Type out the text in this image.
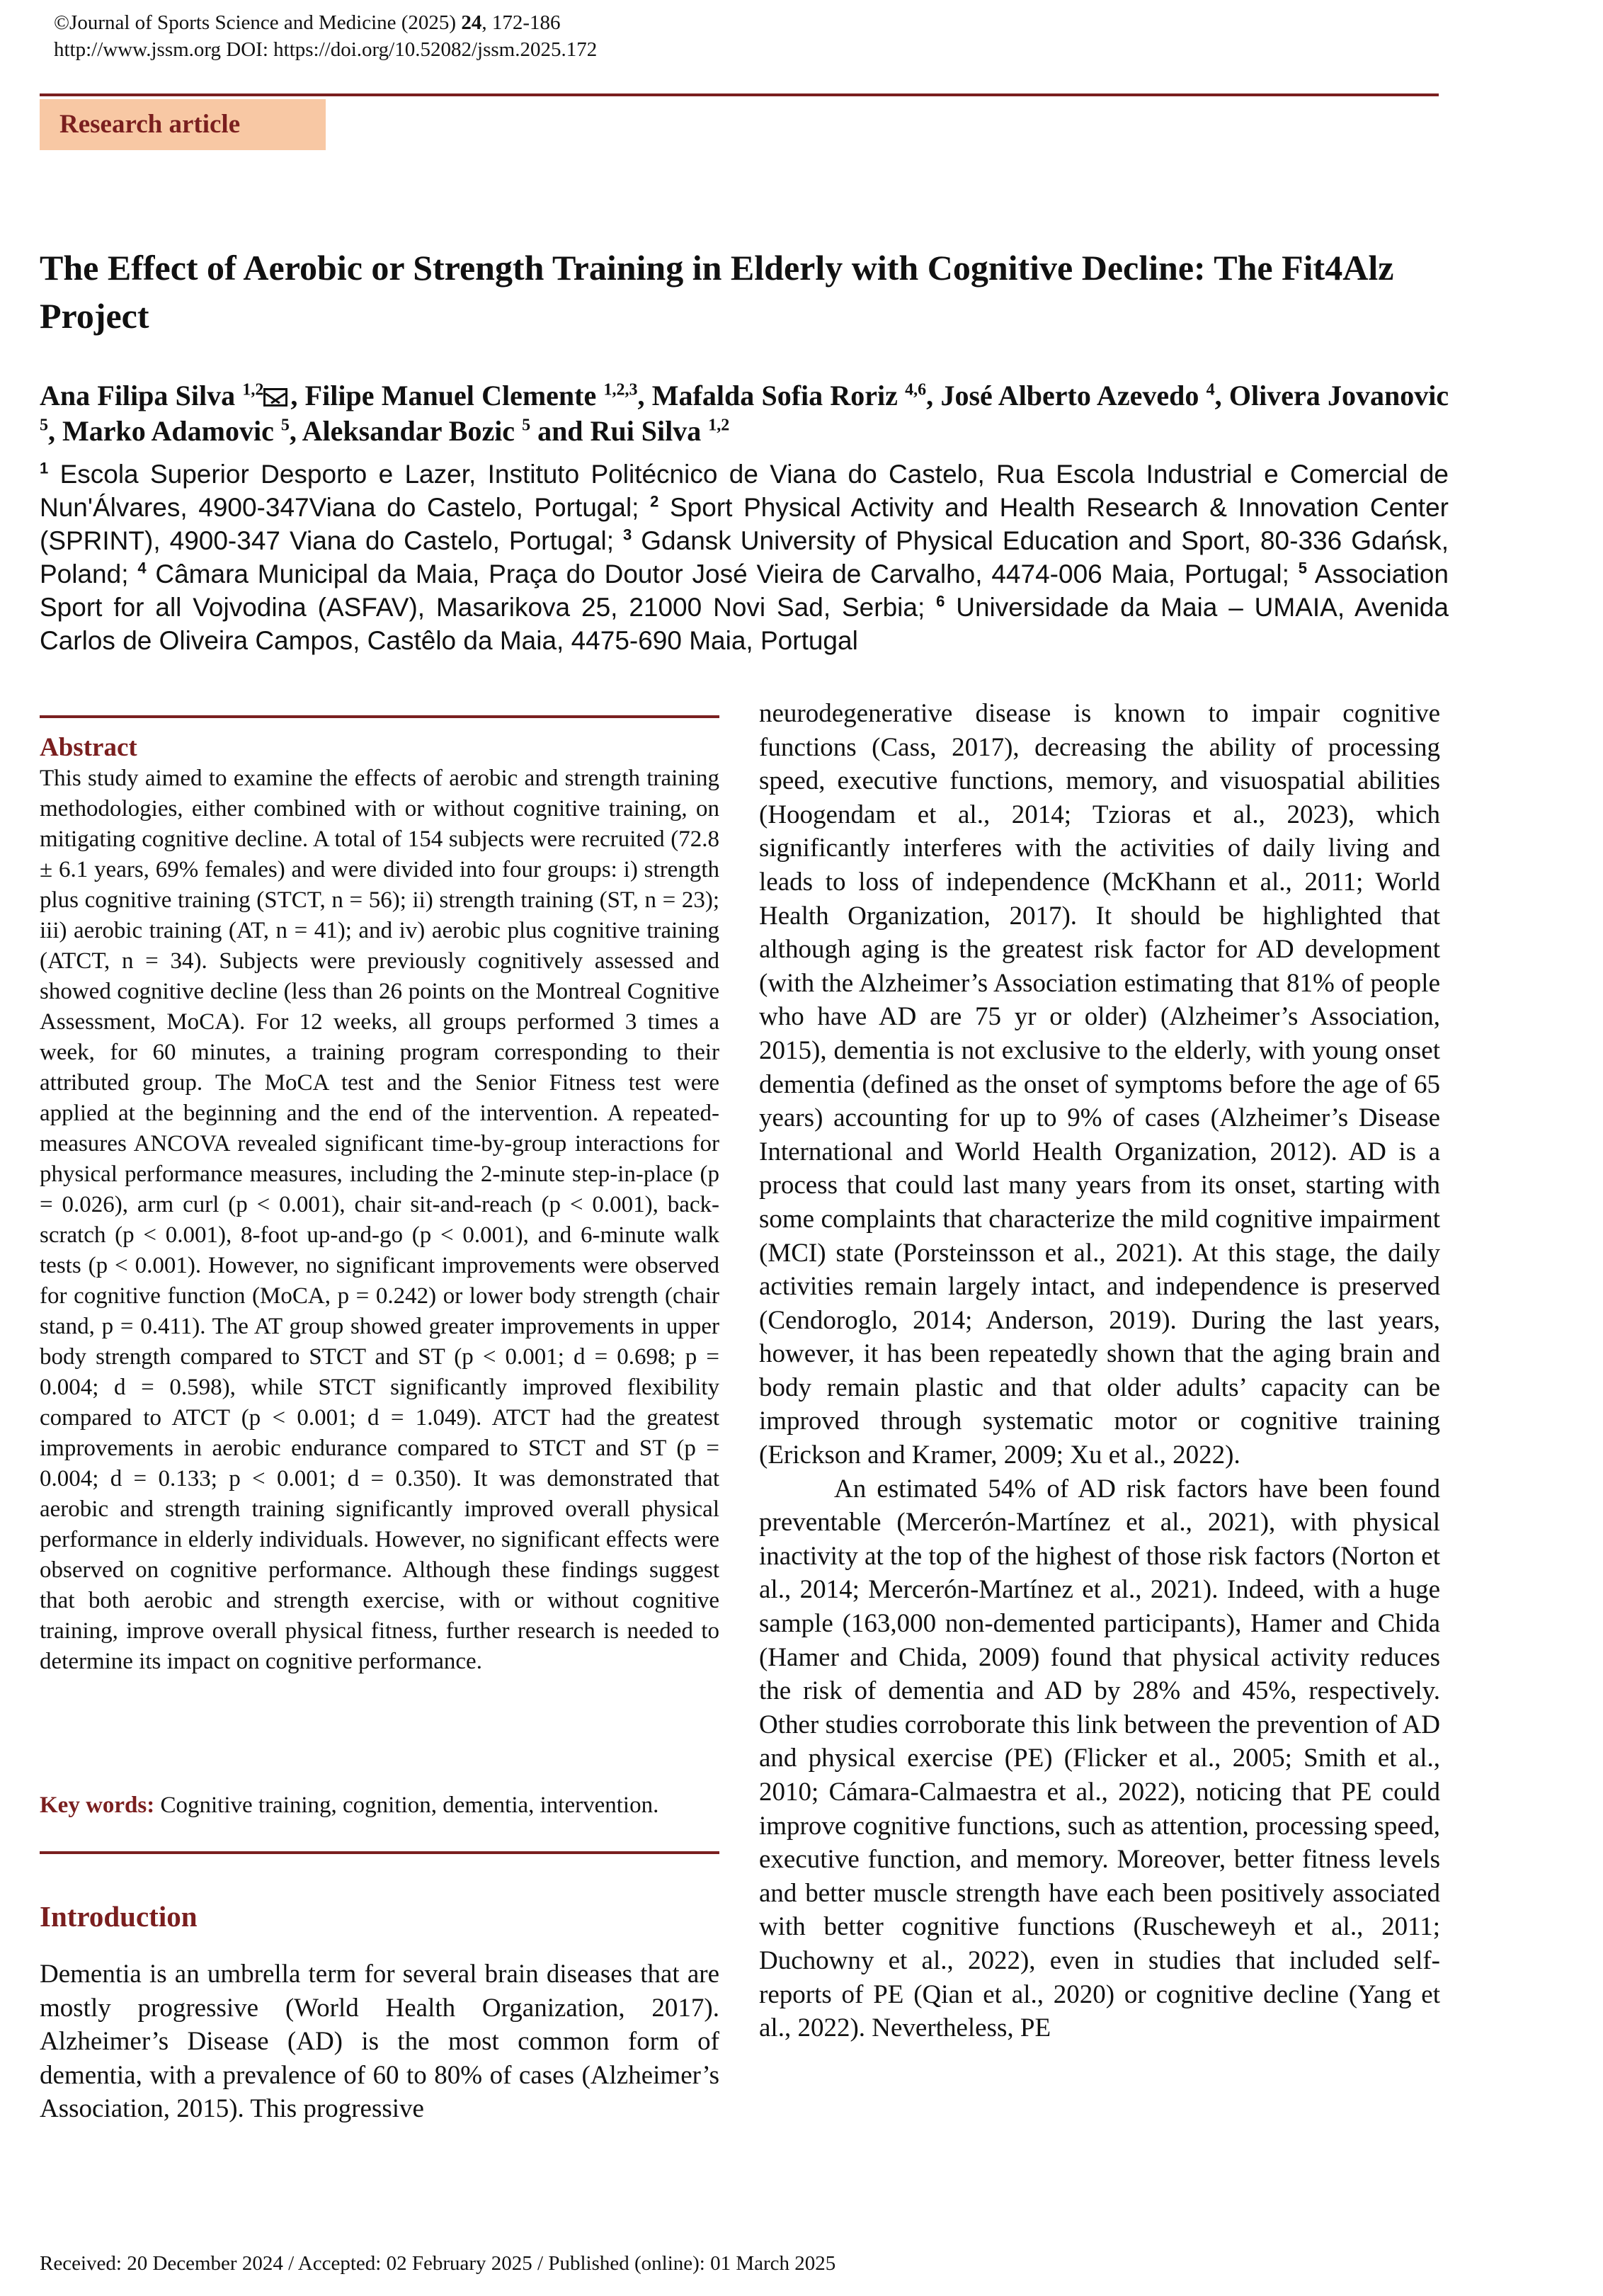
©Journal of Sports Science and Medicine (2025) 24, 172-186
http://www.jssm.org DOI: https://doi.org/10.52082/jssm.2025.172
Research article
The Effect of Aerobic or Strength Training in Elderly with Cognitive Decline: The Fit4Alz Project
Ana Filipa Silva $^{1,2}$ , Filipe Manuel Clemente $^{1,2,3}$, Mafalda Sofia Roriz $^{4,6}$, José Alberto Azevedo $^4$, Olivera Jovanovic $^5$, Marko Adamovic $^5$, Aleksandar Bozic $^5$ and Rui Silva $^{1,2}$
$^1$ Escola Superior Desporto e Lazer, Instituto Politécnico de Viana do Castelo, Rua Escola Industrial e Comercial de Nun'Álvares, 4900-347Viana do Castelo, Portugal; $^2$ Sport Physical Activity and Health Research & Innovation Center (SPRINT), 4900-347 Viana do Castelo, Portugal; $^3$ Gdansk University of Physical Education and Sport, 80-336 Gdańsk, Poland; $^4$ Câmara Municipal da Maia, Praça do Doutor José Vieira de Carvalho, 4474-006 Maia, Portugal; $^5$ Association Sport for all Vojvodina (ASFAV), Masarikova 25, 21000 Novi Sad, Serbia; $^6$ Universidade da Maia – UMAIA, Avenida Carlos de Oliveira Campos, Castêlo da Maia, 4475-690 Maia, Portugal
Abstract
This study aimed to examine the effects of aerobic and strength training methodologies, either combined with or without cognitive training, on mitigating cognitive decline. A total of 154 subjects were recruited (72.8 ± 6.1 years, 69% females) and were divided into four groups: i) strength plus cognitive training (STCT, n = 56); ii) strength training (ST, n = 23); iii) aerobic training (AT, n = 41); and iv) aerobic plus cognitive training (ATCT, n = 34). Subjects were previously cognitively assessed and showed cognitive decline (less than 26 points on the Montreal Cognitive Assessment, MoCA). For 12 weeks, all groups performed 3 times a week, for 60 minutes, a training program corresponding to their attributed group. The MoCA test and the Senior Fitness test were applied at the beginning and the end of the intervention. A repeated-measures ANCOVA revealed significant time-by-group interactions for physical performance measures, including the 2-minute step-in-place (p = 0.026), arm curl (p < 0.001), chair sit-and-reach (p < 0.001), back-scratch (p < 0.001), 8-foot up-and-go (p < 0.001), and 6-minute walk tests (p < 0.001). However, no significant improvements were observed for cognitive function (MoCA, p = 0.242) or lower body strength (chair stand, p = 0.411). The AT group showed greater improvements in upper body strength compared to STCT and ST (p < 0.001; d = 0.698; p = 0.004; d = 0.598), while STCT significantly improved flexibility compared to ATCT (p < 0.001; d = 1.049). ATCT had the greatest improvements in aerobic endurance compared to STCT and ST (p = 0.004; d = 0.133; p < 0.001; d = 0.350). It was demonstrated that aerobic and strength training significantly improved overall physical performance in elderly individuals. However, no significant effects were observed on cognitive performance. Although these findings suggest that both aerobic and strength exercise, with or without cognitive training, improve overall physical fitness, further research is needed to determine its impact on cognitive performance.
Key words: Cognitive training, cognition, dementia, intervention.
Introduction
Dementia is an umbrella term for several brain diseases that are mostly progressive (World Health Organization, 2017). Alzheimer’s Disease (AD) is the most common form of dementia, with a prevalence of 60 to 80% of cases (Alzheimer’s Association, 2015). This progressive

neurodegenerative disease is known to impair cognitive functions (Cass, 2017), decreasing the ability of processing speed, executive functions, memory, and visuospatial abilities (Hoogendam et al., 2014; Tzioras et al., 2023), which significantly interferes with the activities of daily living and leads to loss of independence (McKhann et al., 2011; World Health Organization, 2017). It should be highlighted that although aging is the greatest risk factor for AD development (with the Alzheimer’s Association estimating that 81% of people who have AD are 75 yr or older) (Alzheimer’s Association, 2015), dementia is not exclusive to the elderly, with young onset dementia (defined as the onset of symptoms before the age of 65 years) accounting for up to 9% of cases (Alzheimer’s Disease International and World Health Organization, 2012). AD is a process that could last many years from its onset, starting with some complaints that characterize the mild cognitive impairment (MCI) state (Porsteinsson et al., 2021). At this stage, the daily activities remain largely intact, and independence is preserved (Cendoroglo, 2014; Anderson, 2019). During the last years, however, it has been repeatedly shown that the aging brain and body remain plastic and that older adults’ capacity can be improved through systematic motor or cognitive training (Erickson and Kramer, 2009; Xu et al., 2022).

An estimated 54% of AD risk factors have been found preventable (Mercerón-Martínez et al., 2021), with physical inactivity at the top of the highest of those risk factors (Norton et al., 2014; Mercerón-Martínez et al., 2021). Indeed, with a huge sample (163,000 non-demented participants), Hamer and Chida (Hamer and Chida, 2009) found that physical activity reduces the risk of dementia and AD by 28% and 45%, respectively. Other studies corroborate this link between the prevention of AD and physical exercise (PE) (Flicker et al., 2005; Smith et al., 2010; Cámara-Calmaestra et al., 2022), noticing that PE could improve cognitive functions, such as attention, processing speed, executive function, and memory. Moreover, better fitness levels and better muscle strength have each been positively associated with better cognitive functions (Ruscheweyh et al., 2011; Duchowny et al., 2022), even in studies that included self-reports of PE (Qian et al., 2020) or cognitive decline (Yang et al., 2022). Nevertheless, PE

Received: 20 December 2024 / Accepted: 02 February 2025 / Published (online): 01 March 2025
